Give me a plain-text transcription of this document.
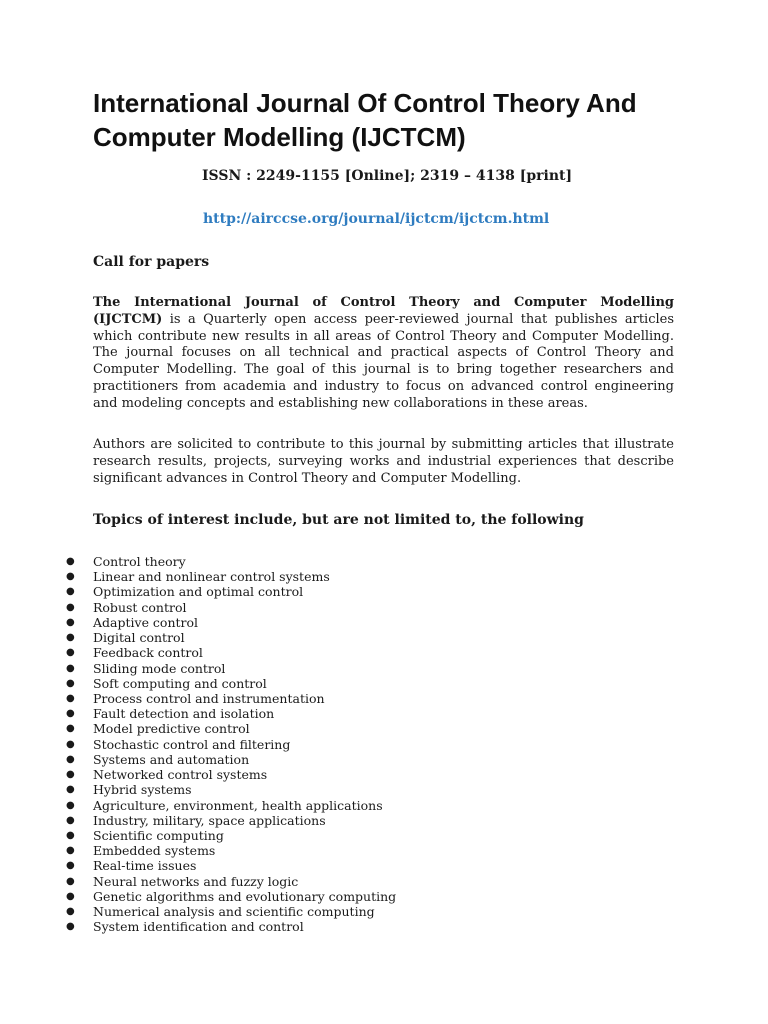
International Journal Of Control Theory And Computer Modelling (IJCTCM)
ISSN : 2249-1155 [Online]; 2319 – 4138 [print]
http://airccse.org/journal/ijctcm/ijctcm.html
Call for papers

The International Journal of Control Theory and Computer Modelling (IJCTCM) is a Quarterly open access peer-reviewed journal that publishes articles which contribute new results in all areas of Control Theory and Computer Modelling. The journal focuses on all technical and practical aspects of Control Theory and Computer Modelling. The goal of this journal is to bring together researchers and practitioners from academia and industry to focus on advanced control engineering and modeling concepts and establishing new collaborations in these areas.

Authors are solicited to contribute to this journal by submitting articles that illustrate research results, projects, surveying works and industrial experiences that describe significant advances in Control Theory and Computer Modelling.

Topics of interest include, but are not limited to, the following
● Control theory
● Linear and nonlinear control systems
● Optimization and optimal control
● Robust control
● Adaptive control
● Digital control
● Feedback control
● Sliding mode control
● Soft computing and control
● Process control and instrumentation
● Fault detection and isolation
● Model predictive control
● Stochastic control and filtering
● Systems and automation
● Networked control systems
● Hybrid systems
● Agriculture, environment, health applications
● Industry, military, space applications
● Scientific computing
● Embedded systems
● Real-time issues
● Neural networks and fuzzy logic
● Genetic algorithms and evolutionary computing
● Numerical analysis and scientific computing
● System identification and control
